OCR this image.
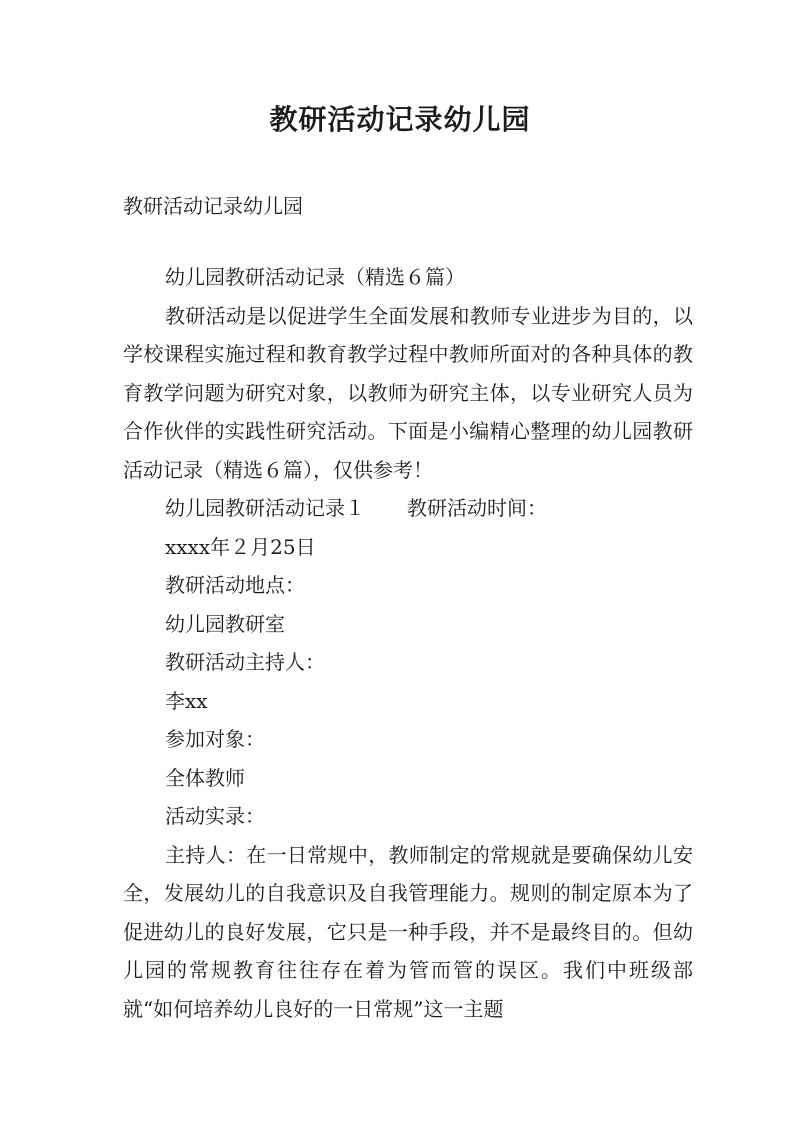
教研活动记录幼儿园
教研活动记录幼儿园

幼儿园教研活动记录（精选６篇）

教研活动是以促进学生全面发展和教师专业进步为目的，以学校课程实施过程和教育教学过程中教师所面对的各种具体的教育教学问题为研究对象，以教师为研究主体，以专业研究人员为合作伙伴的实践性研究活动。下面是小编精心整理的幼儿园教研活动记录（精选６篇），仅供参考！

幼儿园教研活动记录１ 教研活动时间：

xxxx年２月25日

教研活动地点：

幼儿园教研室

教研活动主持人：

李xx

参加对象：

全体教师

活动实录：

主持人：在一日常规中，教师制定的常规就是要确保幼儿安全，发展幼儿的自我意识及自我管理能力。规则的制定原本为了促进幼儿的良好发展，它只是一种手段，并不是最终目的。但幼儿园的常规教育往往存在着为管而管的误区。我们中班级部就“如何培养幼儿良好的一日常规”这一主题
